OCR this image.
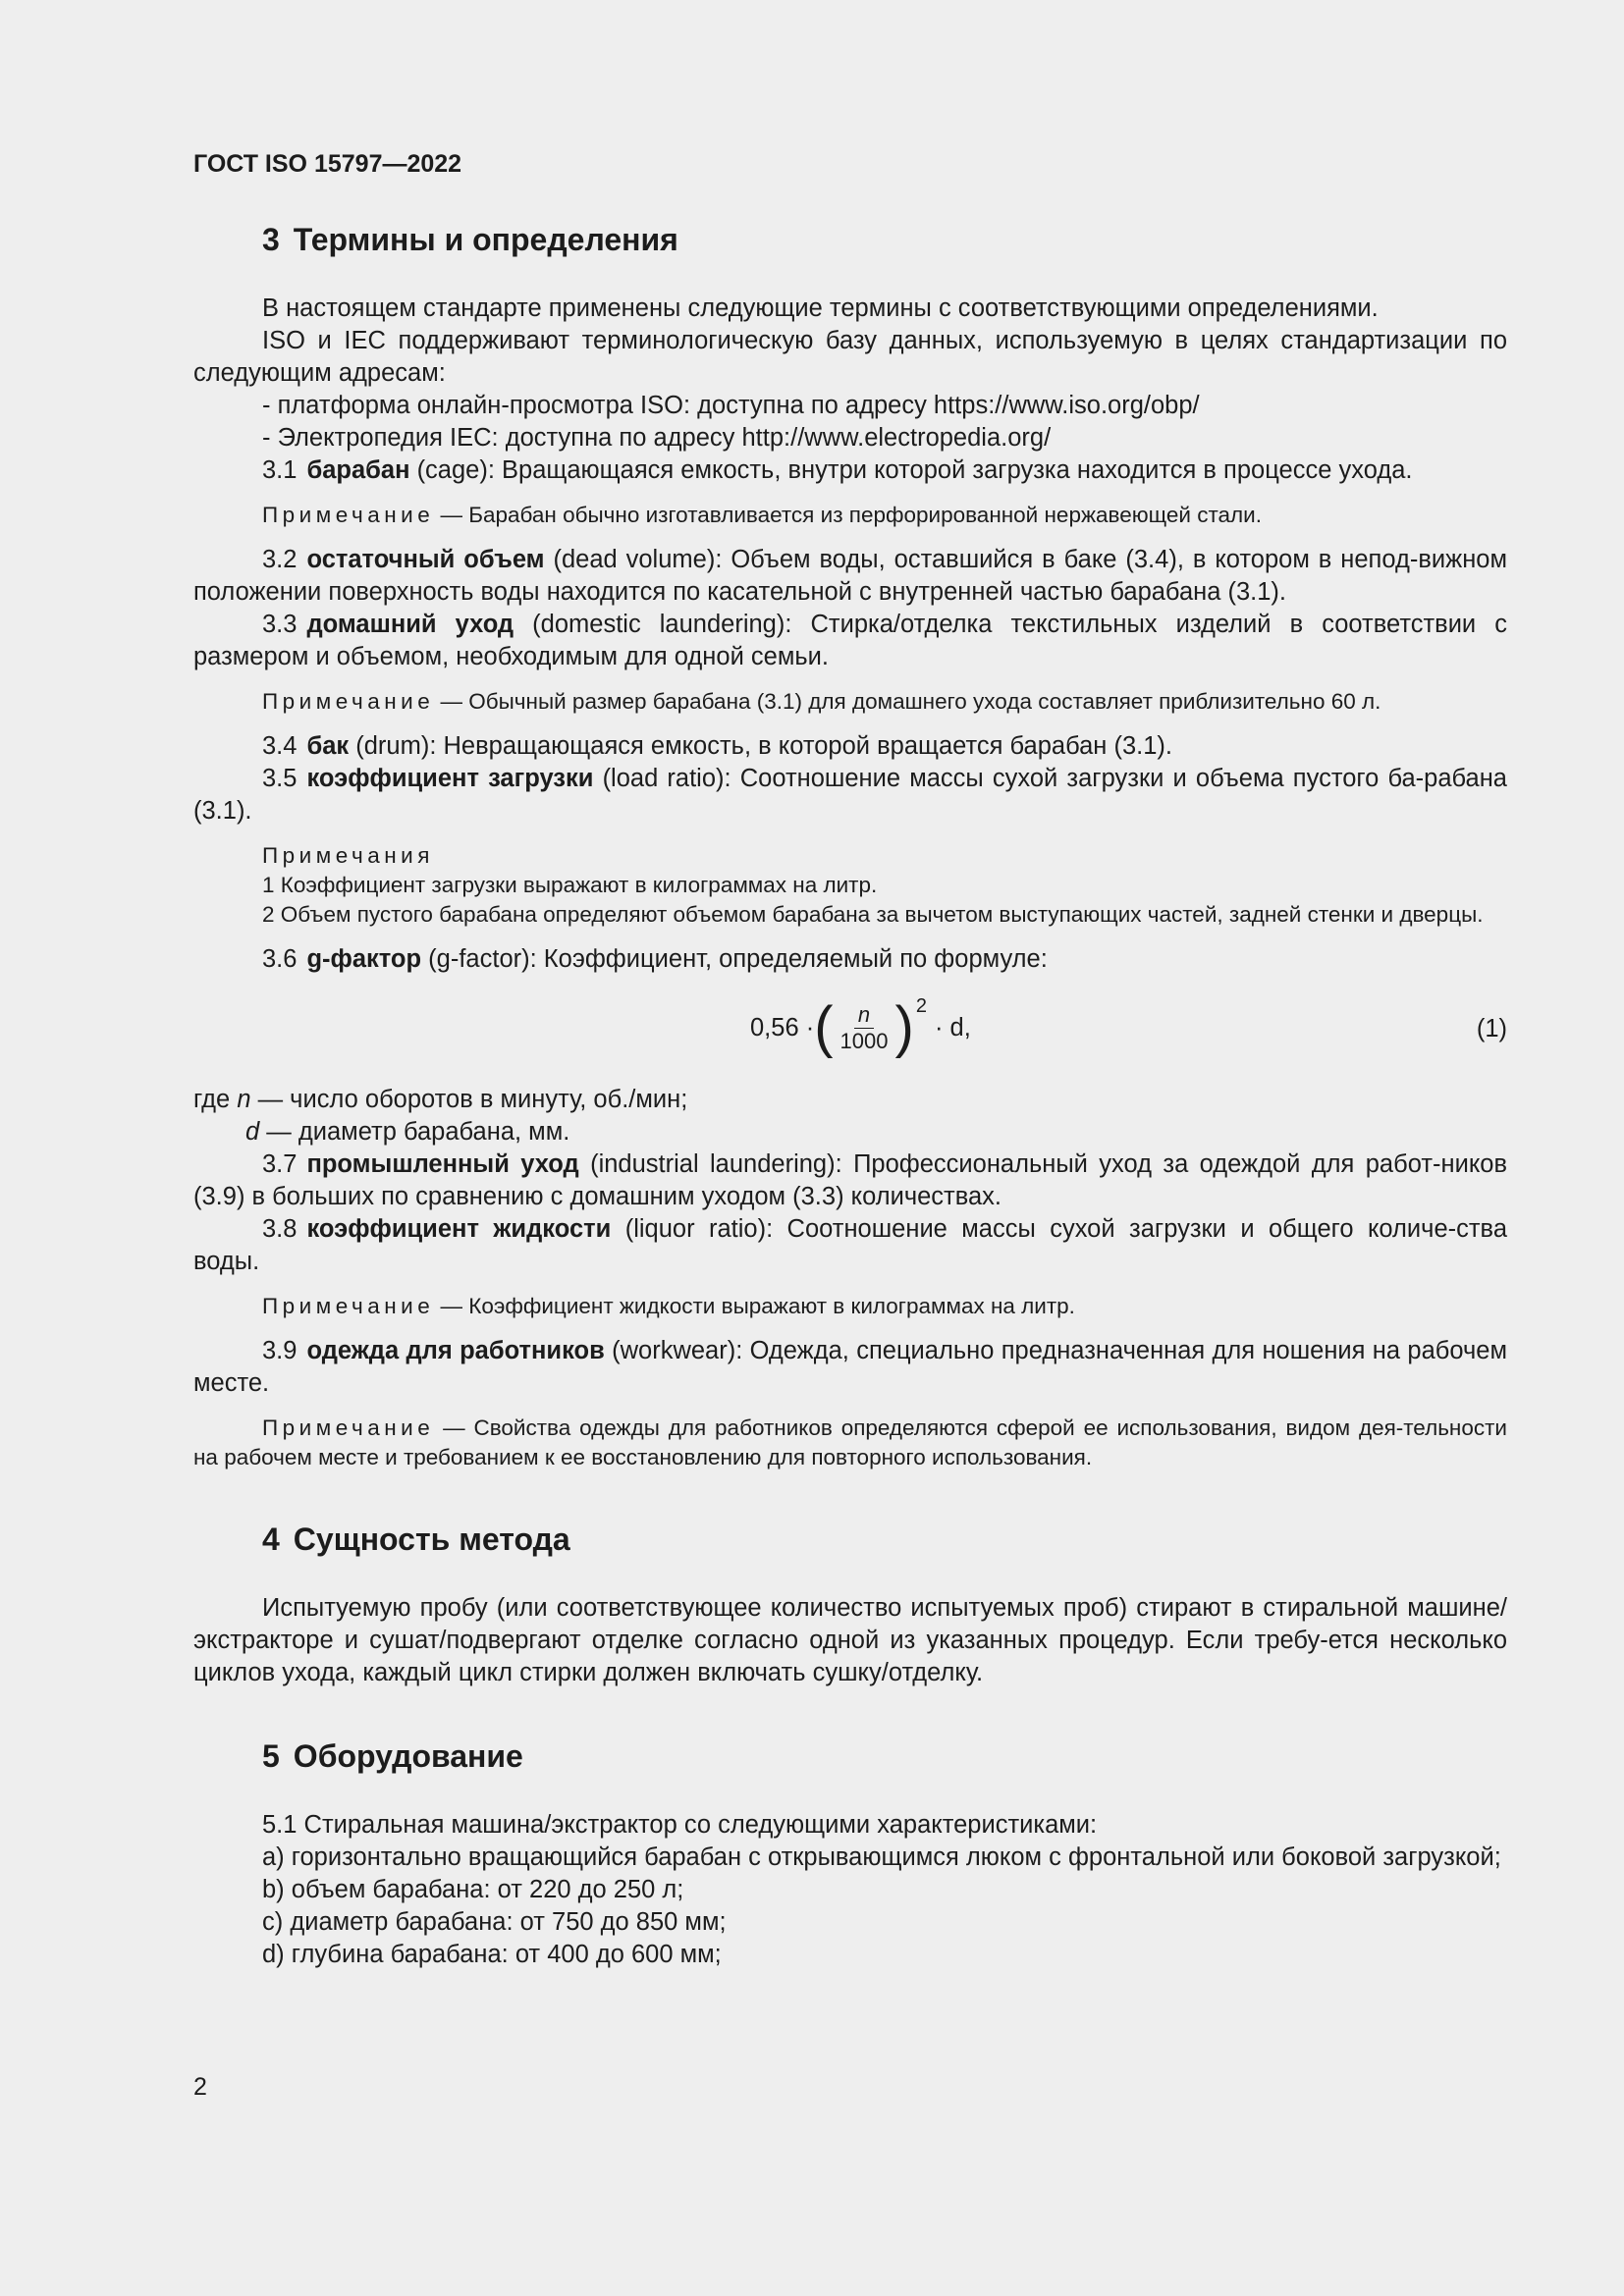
ГОСТ ISO 15797—2022
3 Термины и определения

В настоящем стандарте применены следующие термины с соответствующими определениями.

ISO и IEC поддерживают терминологическую базу данных, используемую в целях стандартизации по следующим адресам:

- платформа онлайн-просмотра ISO: доступна по адресу https://www.iso.org/obp/

- Электропедия IEC: доступна по адресу http://www.electropedia.org/

3.1 барабан (cage): Вращающаяся емкость, внутри которой загрузка находится в процессе ухода.

Примечание — Барабан обычно изготавливается из перфорированной нержавеющей стали.

3.2 остаточный объем (dead volume): Объем воды, оставшийся в баке (3.4), в котором в непод-вижном положении поверхность воды находится по касательной с внутренней частью барабана (3.1).

3.3 домашний уход (domestic laundering): Стирка/отделка текстильных изделий в соответствии с размером и объемом, необходимым для одной семьи.

Примечание — Обычный размер барабана (3.1) для домашнего ухода составляет приблизительно 60 л.

3.4 бак (drum): Невращающаяся емкость, в которой вращается барабан (3.1).

3.5 коэффициент загрузки (load ratio): Соотношение массы сухой загрузки и объема пустого ба-рабана (3.1).

Примечания

1 Коэффициент загрузки выражают в килограммах на литр.

2 Объем пустого барабана определяют объемом барабана за вычетом выступающих частей, задней стенки и дверцы.

3.6 g-фактор (g-factor): Коэффициент, определяемый по формуле:

0,56 · ( $\frac{n}{1000}$ ) 2
· d,	(1)

где n — число оборотов в минуту, об./мин;

d — диаметр барабана, мм.

3.7 промышленный уход (industrial laundering): Профессиональный уход за одеждой для работ-ников (3.9) в больших по сравнению с домашним уходом (3.3) количествах.

3.8 коэффициент жидкости (liquor ratio): Соотношение массы сухой загрузки и общего количе-ства воды.

Примечание — Коэффициент жидкости выражают в килограммах на литр.

3.9 одежда для работников (workwear): Одежда, специально предназначенная для ношения на рабочем месте.

Примечание — Свойства одежды для работников определяются сферой ее использования, видом дея-тельности на рабочем месте и требованием к ее восстановлению для повторного использования.

4 Сущность метода

Испытуемую пробу (или соответствующее количество испытуемых проб) стирают в стиральной машине/экстракторе и сушат/подвергают отделке согласно одной из указанных процедур. Если требу-ется несколько циклов ухода, каждый цикл стирки должен включать сушку/отделку.

5 Оборудование

5.1 Стиральная машина/экстрактор со следующими характеристиками:

a) горизонтально вращающийся барабан с открывающимся люком с фронтальной или боковой загрузкой;

b) объем барабана: от 220 до 250 л;

c) диаметр барабана: от 750 до 850 мм;

d) глубина барабана: от 400 до 600 мм;

2
